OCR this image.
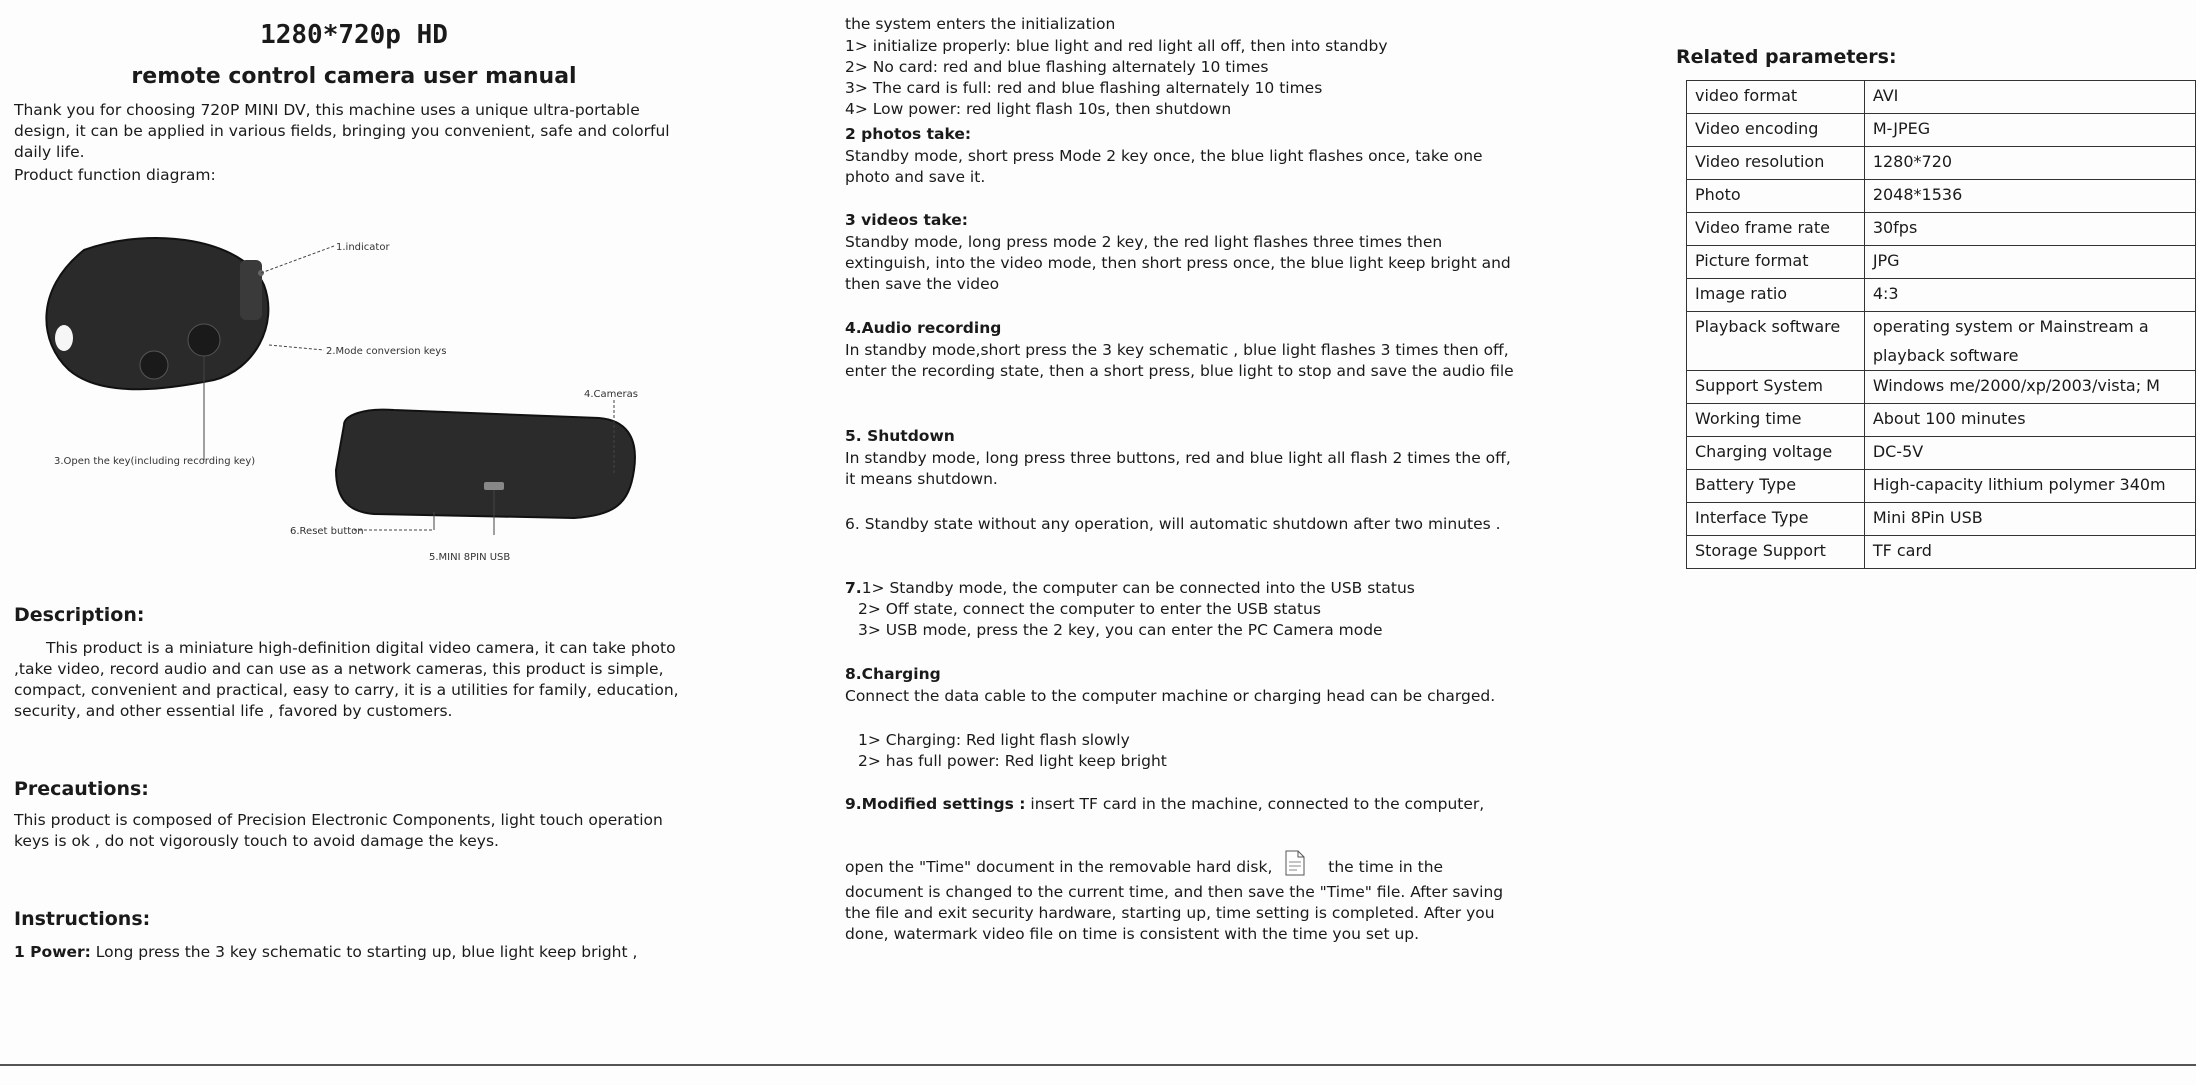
1280*720p HD
remote control camera user manual

Thank you for choosing 720P MINI DV, this machine uses a unique ultra-portable design, it can be applied in various fields, bringing you convenient, safe and colorful daily life.

Product function diagram:

1.indicator
2.Mode conversion keys
3.Open the key(including recording key)
4.Cameras
6.Reset button
5.MINI 8PIN USB

Description:

This product is a miniature high-definition digital video camera, it can take photo ,take video, record audio and can use as a network cameras, this product is simple, compact, convenient and practical, easy to carry, it is a utilities for family, education, security, and other essential life , favored by customers.

Precautions:

This product is composed of Precision Electronic Components, light touch operation keys is ok , do not vigorously touch to avoid damage the keys.

Instructions:

1 Power: Long press the 3 key schematic to starting up, blue light keep bright ,

the system enters the initialization

1> initialize properly: blue light and red light all off, then into standby

2> No card: red and blue flashing alternately 10 times

3> The card is full: red and blue flashing alternately 10 times

4> Low power: red light flash 10s, then shutdown

2 photos take:

Standby mode, short press Mode 2 key once, the blue light flashes once, take one photo and save it.

3 videos take:

Standby mode, long press mode 2 key, the red light flashes three times then extinguish, into the video mode, then short press once, the blue light keep bright and then save the video

4.Audio recording

In standby mode,short press the 3 key schematic , blue light flashes 3 times then off, enter the recording state, then a short press, blue light to stop and save the audio file

5. Shutdown

In standby mode, long press three buttons, red and blue light all flash 2 times the off, it means shutdown.

6. Standby state without any operation, will automatic shutdown after two minutes .

7.1> Standby mode, the computer can be connected into the USB status

2> Off state, connect the computer to enter the USB status

3> USB mode, press the 2 key, you can enter the PC Camera mode

8.Charging

Connect the data cable to the computer machine or charging head can be charged.

1> Charging: Red light flash slowly

2> has full power: Red light keep bright

9.Modified settings : insert TF card in the machine, connected to the computer,

open the "Time" document in the removable hard disk,	the time in the

document is changed to the current time, and then save the "Time" file. After saving the file and exit security hardware, starting up, time setting is completed. After you done, watermark video file on time is consistent with the time you set up.

Related parameters:

video format	AVI
Video encoding	M-JPEG
Video resolution	1280*720
Photo	2048*1536
Video frame rate	30fps
Picture format	JPG
Image ratio	4:3
Playback software	operating system or Mainstream a
playback software

Support System	Windows me/2000/xp/2003/vista; M
Working time	About 100 minutes
Charging voltage	DC-5V
Battery Type	High-capacity lithium polymer 340m
Interface Type	Mini 8Pin USB
Storage Support	TF card
